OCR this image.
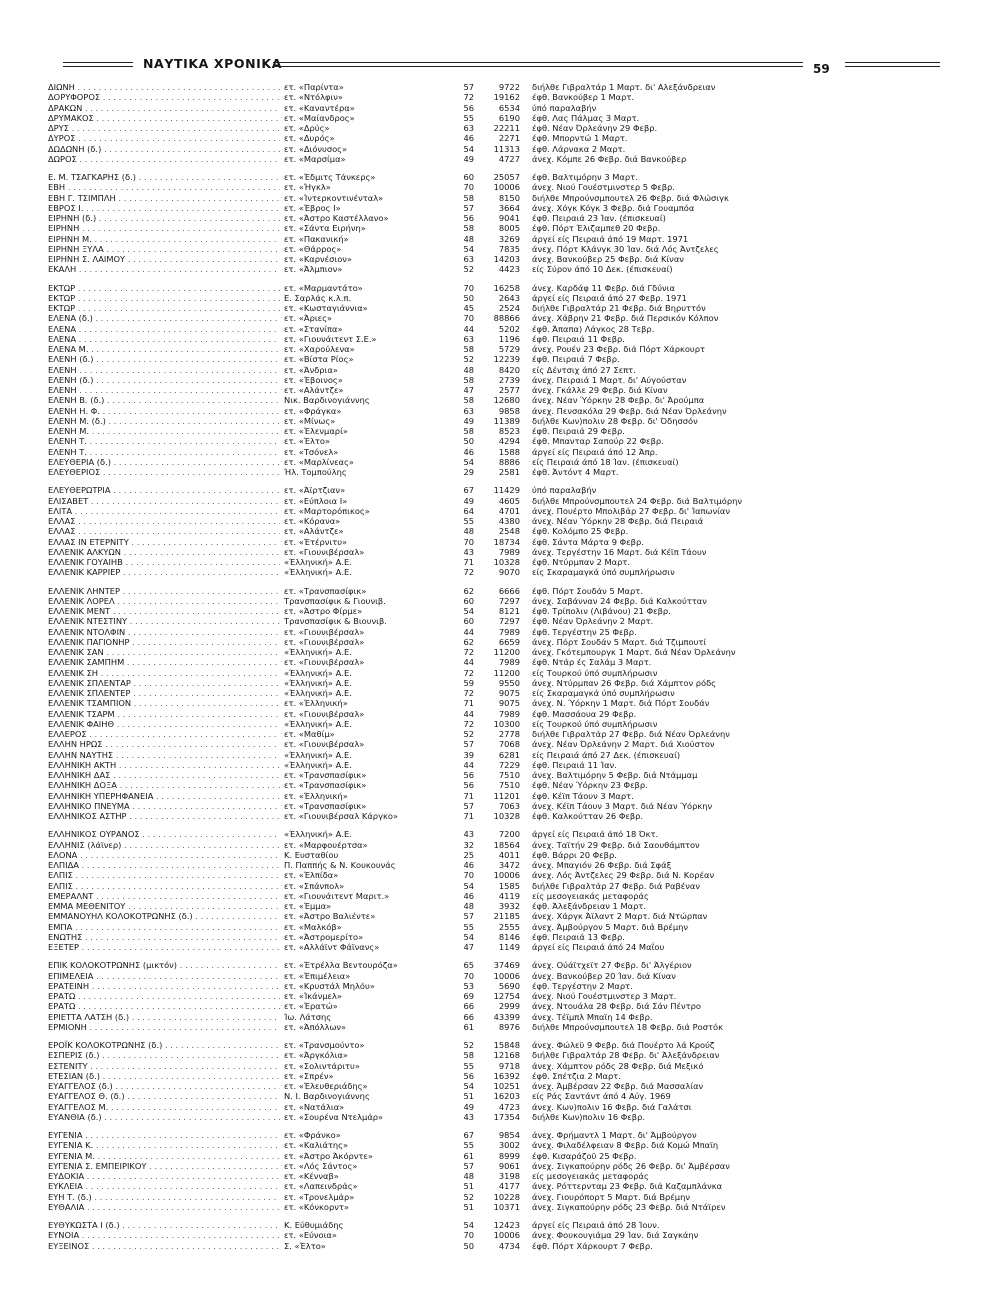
ΝΑΥΤΙΚΑ ΧΡΟΝΙΚΑ	59
ΔΙΩΝΗ . . .	ετ. «Παρίντα»	57	9722 διήλθε Γιβραλτάρ 1 Μαρτ. δι' Αλεξάνδρειαν
ΔΟΡΥΦΟΡΟΣ . . .	ετ. «Ντόλφιν»	72	19162 έφθ. Βανκούβερ 1 Μαρτ.
ΔΡΑΚΩΝ . . .	ετ. «Καναντέρα»	56	6534 ύπό παραλαβήν
ΔΡΥΜΑΚΟΣ . . .	ετ. «Μαίανδρος»	55	6190 έφθ. Λας Πάλμας 3 Μαρτ.
ΔΡΥΣ . . .	ετ. «Δρύς»	63	22211 έφθ. Νέαν Όρλεάνην 29 Φεβρ.
ΔΥΡΟΣ . . .	ετ. «Δυρός»	46	2271 έφθ. Μπορντώ 1 Μαρτ.
ΔΩΔΩΝΗ (δ.) . . .	ετ. «Διόνυσος»	54	11313 έφθ. Λάρνακα 2 Μαρτ.
ΔΩΡΟΣ . . .	ετ. «Μαρσίμα»	49	4727 άνεχ. Κόμπε 26 Φεβρ. διά Βανκούβερ
Ε. Μ. ΤΣΑΓΚΑΡΗΣ (δ.) . . .	ετ. «Έδμιτς Τάνκερς»	60	25057 έφθ. Βαλτιμόρην 3 Μαρτ.
ΕΒΗ . . .	ετ. «Ήγκλ»	70	10006 άνεχ. Νιού Γουέστμινστερ 5 Φεβρ.
ΕΒΗ Γ. ΤΣΙΜΠΛΗ . . .	ετ. «Ίντερκοντινένταλ»	58	8150 διήλθε Μπρούνσμπουτελ 26 Φεβρ. διά Φλώσιγκ
ΕΒΡΟΣ Ι. . . .	ετ. «Έβρος Ι»	57	3664 άνεχ. Χόγκ Κόγκ 3 Φεβρ. διά Γουαμπόα
ΕΙΡΗΝΗ (δ.) . . .	ετ. «Άστρο Καστέλλανο»	56	9041 έφθ. Πειραιά 23 Ίαν. (έπισκευαί)
ΕΙΡΗΝΗ . . .	ετ. «Σάντα Ειρήνη»	58	8005 έφθ. Πόρτ Έλιζαμπεθ 20 Φεβρ.
ΕΙΡΗΝΗ Μ. . . .	ετ. «Πακανική»	48	3269 άργεί είς Πειραιά άπό 19 Μαρτ. 1971
ΕΙΡΗΝΗ ΞΥΛΑ . . .	ετ. «Θάρρος»	54	7835 άνεχ. Πόρτ Κλάνγκ 30 Ίαν. διά Λός Άντζελες
ΕΙΡΗΝΗ Σ. ΛΑΙΜΟΥ . . .	ετ. «Καρνέσιον»	63	14203 άνεχ. Βανκούβερ 25 Φεβρ. διά Κίναν
ΕΚΑΛΗ . . .	ετ. «Άλμπιον»	52	4423 είς Σύρον άπό 10 Δεκ. (έπισκευαί)
ΕΚΤΩΡ . . .	ετ. «Μαρμαντάτο»	70	16258 άνεχ. Καρδάφ 11 Φεβρ. διά Γδύνια
ΕΚΤΩΡ . . .	Ε. Σαρλάς κ.λ.π.	50	2643 άργεί είς Πειραιά άπό 27 Φεβρ. 1971
ΕΚΤΩΡ . . .	ετ. «Κωσταγιάννια»	45	2524 διήλθε Γιβραλτάρ 21 Φεβρ. διά Βηρυττόν
ΕΛΕΝΑ (δ.) . . .	ετ. «Άριες»	70	88866 άνεχ. Χάβρην 21 Φεβρ. διά Περσικόν Κόλπον
ΕΛΕΝΑ . . .	ετ. «Στανίπα»	44	5202 έφθ. Άπαπα) Λάγκος 28 Τεβρ.
ΕΛΕΝΑ . . .	ετ. «Γιουνάιτεντ Σ.Ε.»	63	1196 έφθ. Πειραιά 11 Φεβρ.
ΕΛΕΝΑ Μ. . . .	ετ. «Χαρούλενα»	58	5729 άνεχ. Ρουέν 23 Φεβρ. διά Πόρτ Χάρκουρτ
ΕΛΕΝΗ (δ.) . . .	ετ. «Βίστα Ρίος»	52	12239 έφθ. Πειραιά 7 Φεβρ.
ΕΛΕΝΗ . . .	ετ. «Άνδρια»	48	8420 είς Δέντσιχ άπό 27 Σεπτ.
ΕΛΕΝΗ (δ.) . . .	ετ. «Έβοινος»	58	2739 άνεχ. Πειραιά 1 Μαρτ. δι' Αύγούσταν
ΕΛΕΝΗ . . .	ετ. «Αλάντζε»	47	2577 άνεχ. Γκάλλε 29 Φεβρ. διά Κίναν
ΕΛΕΝΗ Β. (δ.) . . .	Νικ. Βαρδινογιάννης	58	12680 άνεχ. Νέαν Ύόρκην 28 Φεβρ. δι' Άρούμπα
ΕΛΕΝΗ Η. Φ. . . .	ετ. «Φράγκα»	63	9858 άνεχ. Πενσακόλα 29 Φεβρ. διά Νέαν Όρλεάνην
ΕΛΕΝΗ Μ. (δ.) . . .	ετ. «Μίνως»	49	11389 διήλθε Κων)πολιν 28 Φεβρ. δι' Όδησσόν
ΕΛΕΝΗ Μ. . . .	ετ. «Έλενμαρί»	58	8523 έφθ. Πειραιά 29 Φεβρ.
ΕΛΕΝΗ Τ. . . .	ετ. «Έλτο»	50	4294 έφθ. Μπανταρ Σαπούρ 22 Φεβρ.
ΕΛΕΝΗ Τ. . . .	ετ. «Τσόνελ»	46	1588 άργεί είς Πειραιά άπό 12 Άπρ.
ΕΛΕΥΘΕΡΙΑ (δ.) . . .	ετ. «Μαρλίνεας»	54	8886 είς Πειραιά άπό 18 Ίαν. (έπισκευαί)
ΕΛΕΥΘΕΡΙΟΣ . . .	Ήλ. Τομπούλης	29	2581 έφθ. Άντόντ 4 Μαρτ.
ΕΛΕΥΘΕΡΩΤΡΙΑ . . .	ετ. «Άϊρτζιαν»	67	11429 ύπό παραλαβήν
ΕΛΙΣΑΒΕΤ . . .	ετ. «Εύπλοια Ι»	49	4605 διήλθε Μπρούνσμπουτελ 24 Φεβρ. διά Βαλτιμόρην
ΕΛΙΤΑ . . .	ετ. «Μαρτορόπικος»	64	4701 άνεχ. Πουέρτο Μπολιβάρ 27 Φεβρ. δι' Ίαπωνίαν
ΕΛΛΑΣ . . .	ετ. «Κόρανα»	55	4380 άνεχ. Νέαν Ύόρκην 28 Φεβρ. διά Πειραιά
ΕΛΛΑΣ . . .	ετ. «Αλάντζε»	48	2548 έφθ. Κολόμπο 25 Φεβρ.
ΕΛΛΑΣ ΙΝ ΕΤΕΡΝΙΤΥ . . .	ετ. «Έτέρνιτυ»	70	18734 έφθ. Σάντα Μάρτα 9 Φεβρ.
ΕΛΛΕΝΙΚ ΑΛΚΥΩΝ . . .	ετ. «Γιουνιβέρσαλ»	43	7989 άνεχ. Τεργέστην 16 Μαρτ. διά Κέϊπ Τάουν
ΕΛΛΕΝΙΚ ΓΟΥΑΙΗΒ . . .	«Έλληνική» Α.Ε.	71	10328 έφθ. Ντύρμπαν 2 Μαρτ.
ΕΛΛΕΝΙΚ ΚΑΡΡΙΕΡ . . .	«Έλληνική» Α.Ε.	72	9070 είς Σκαραμαγκά ύπό συμπλήρωσιν
ΕΛΛΕΝΙΚ ΛΗΝΤΕΡ . . .	ετ. «Τρανσπασίφικ»	62	6666 έφθ. Πόρτ Σουδάν 5 Μαρτ.
ΕΛΛΕΝΙΚ ΛΟΡΕΛ . . .	Τρανσπασίφικ & Γιουνιβ.	60	7297 άνεχ. Σαβάνναν 24 Φεβρ. διά Καλκούτταν
ΕΛΛΕΝΙΚ ΜΕΝΤ . . .	ετ. «Άστρο Φίρμε»	54	8121 έφθ. Τρίπολιν (Λιβάνου) 21 Φεβρ.
ΕΛΛΕΝΙΚ ΝΤΕΣΤΙΝΥ . . .	Τρανσπασίφικ & Βιουνιβ.	60	7297 έφθ. Νέαν Όρλεάνην 2 Μαρτ.
ΕΛΛΕΝΙΚ ΝΤΟΛΦΙΝ . . .	ετ. «Γιουνιβέρσαλ»	44	7989 έφθ. Τεργέστην 25 Φεβρ.
ΕΛΛΕΝΙΚ ΠΑΓΙΟΝΗΡ . . .	ετ. «Γιουνιβέρσαλ»	62	6659 άνεχ. Πόρτ Σουδάν 5 Μαρτ. διά Τζιμπουτί
ΕΛΛΕΝΙΚ ΣΑΝ . . .	«Έλληνική» Α.Ε.	72	11200 άνεχ. Γκότεμπουργκ 1 Μαρτ. διά Νέαν Όρλεάνην
ΕΛΛΕΝΙΚ ΣΑΜΠΗΜ . . .	ετ. «Γιουνιβέρσαλ»	44	7989 έφθ. Ντάρ ές Σαλάμ 3 Μαρτ.
ΕΛΛΕΝΙΚ ΣΗ . . .	«Έλληνική» Α.Ε.	72	11200 είς Τουρκού ύπό συμπλήρωσιν
ΕΛΛΕΝΙΚ ΣΠΛΕΝΤΑΡ . . .	«Έλληνική» Α.Ε.	59	9550 άνεχ. Ντύρμπαν 26 Φεβρ. διά Χάμπτον ρόδς
ΕΛΛΕΝΙΚ ΣΠΛΕΝΤΕΡ . . .	«Έλληνική» Α.Ε.	72	9075 είς Σκαραμαγκά ύπό συμπλήρωσιν
ΕΛΛΕΝΙΚ ΤΣΑΜΠΙΟΝ . . .	ετ. «Έλληνική»	71	9075 άνεχ. Ν. Ύόρκην 1 Μαρτ. διά Πόρτ Σουδάν
ΕΛΛΕΝΙΚ ΤΣΑΡΜ . . .	ετ. «Γιουνιβέρσαλ»	44	7989 έφθ. Μασσάουα 29 Φεβρ.
ΕΛΛΕΝΙΚ ΦΑΙΗΘ . . .	«Έλληνική» Α.Ε.	72	10300 είς Τουρκού ύπό συμπλήρωσιν
ΕΛΛΕΡΟΣ . . .	ετ. «Μαθίμ»	52	2778 διήλθε Γιβραλτάρ 27 Φεβρ. διά Νέαν Όρλεάνην
ΕΛΛΗΝ ΗΡΩΣ . . .	ετ. «Γιουνιβέρσαλ»	57	7068 άνεχ. Νέαν Όρλεάνην 2 Μαρτ. διά Χιούστον
ΕΛΛΗΝ ΝΑΥΤΗΣ . . .	«Έλληνική» Α.Ε.	39	6281 είς Πειραιά άπό 27 Δεκ. (έπισκευαί)
ΕΛΛΗΝΙΚΗ ΑΚΤΗ . . .	«Έλληνική» Α.Ε.	44	7229 έφθ. Πειραιά 11 Ίαν.
ΕΛΛΗΝΙΚΗ ΔΑΣ . . .	ετ. «Τρανσπασίφικ»	56	7510 άνεχ. Βαλτιμόρην 5 Φεβρ. διά Ντάμμαμ
ΕΛΛΗΝΙΚΗ ΔΟΞΑ . . .	ετ. «Τρανσπασίφικ»	56	7510 έφθ. Νέαν Ύόρκην 23 Φεβρ.
ΕΛΛΗΝΙΚΗ ΥΠΕΡΗΦΑΝΕΙΑ . . .	ετ. «Έλληνική»	71	11201 έφθ. Κέϊπ Τάουν 3 Μαρτ.
ΕΛΛΗΝΙΚΟ ΠΝΕΥΜΑ . . .	ετ. «Τρανσπασίφικ»	57	7063 άνεχ. Κέϊπ Τάουν 3 Μαρτ. διά Νέαν Ύόρκην
ΕΛΛΗΝΙΚΟΣ ΑΣΤΗΡ . . .	ετ. «Γιουνιβέρσαλ Κάργκο»	71	10328 έφθ. Καλκούτταν 26 Φεβρ.
ΕΛΛΗΝΙΚΟΣ ΟΥΡΑΝΟΣ . . .	«Έλληνική» Α.Ε.	43	7200 άργεί είς Πειραιά άπό 18 Όκτ.
ΕΛΛΗΝΙΣ (λάϊνερ) . . .	ετ. «Μαρφουέρτσα»	32	18564 άνεχ. Ταϊτήν 29 Φεβρ. διά Σαουθάμπτον
ΕΛΟΝΑ . . .	Κ. Ευσταθίου	25	4011 έφθ. Βάρρι 20 Φεβρ.
ΕΛΠΙΔΑ . . .	Π. Παππής & Ν. Κουκουνάς	46	3472 άνεχ. Μπαγιόν 26 Φεβρ. διά Σφάξ
ΕΛΠΙΣ . . .	ετ. «Έλπίδα»	70	10006 άνεχ. Λός Άντζελες 29 Φεβρ. διά Ν. Κορέαν
ΕΛΠΙΣ . . .	ετ. «Σπάνπολ»	54	1585 διήλθε Γιβραλτάρ 27 Φεβρ. διά Ραβέναν
ΕΜΕΡΑΛΝΤ . . .	ετ. «Γιουνάιτεντ Μαριτ.»	46	4119 είς μεσογειακάς μεταφοράς
ΕΜΜΑ ΜΕΘΕΝΙΤΟΥ . . .	ετ. «Έμμα»	48	3932 έφθ. Άλεξάνδρειαν 1 Μαρτ.
ΕΜΜΑΝΟΥΗΛ ΚΟΛΟΚΟΤΡΩΝΗΣ (δ.) . . .	ετ. «Άστρο Βαλιέντε»	57	21185 άνεχ. Χάργκ Άϊλαντ 2 Μαρτ. διά Ντώρπαν
ΕΜΠΑ . . .	ετ. «Μαλκόβ»	55	2555 άνεχ. Άμβούργον 5 Μαρτ. διά Βρέμην
ΕΝΩΤΗΣ . . .	ετ. «Άστρομερίτο»	54	8146 έφθ. Πειραιά 13 Φεβρ.
ΕΞΕΤΕΡ . . .	ετ. «Αλλάϊντ Φάϊνανς»	47	1149 άργεί είς Πειραιά άπό 24 Μαΐου
ΕΠΙΚ ΚΟΛΟΚΟΤΡΩΝΗΣ (μικτόν) . . .	ετ. «Έτρέλλα Βεντουρόζα»	65	37469 άνεχ. Ούάϊτχεϊτ 27 Φεβρ. δι' Άλγέριον
ΕΠΙΜΕΛΕΙΑ . . .	ετ. «Έπιμέλεια»	70	10006 άνεχ. Βανκούβερ 20 Ίαν. διά Κίναν
ΕΡΑΤΕΙΝΗ . . .	ετ. «Κρυστάλ Μηλόυ»	53	5690 έφθ. Τεργέστην 2 Μαρτ.
ΕΡΑΤΩ . . .	ετ. «Ίκάνμελ»	69	12754 άνεχ. Νιού Γουέστμινστερ 3 Μαρτ.
ΕΡΑΤΩ . . .	ετ. «Έρατώ»	66	2999 άνεχ. Ντουάλα 28 Φεβρ. διά Σάν Πέντρο
ΕΡΙΕΤΤΑ ΛΑΤΣΗ (δ.) . . .	Ίω. Λάτσης	66	43399 άνεχ. Τέϊμπλ Μπαϊη 14 Φεβρ.
ΕΡΜΙΟΝΗ . . .	ετ. «Άπόλλων»	61	8976 διήλθε Μπρούνσμπουτελ 18 Φεβρ. διά Ροστόκ
ΕΡΟΪΚ ΚΟΛΟΚΟΤΡΩΝΗΣ (δ.) . . .	ετ. «Τρανσμούντο»	52	15848 άνεχ. Φώλεϋ 9 Φεβρ. διά Πουέρτο λά Κρούζ
ΕΣΠΕΡΙΣ (δ.) . . .	ετ. «Άργκόλια»	58	12168 διήλθε Γιβραλτάρ 28 Φεβρ. δι' Άλεξάνδρειαν
ΕΣΤΕΝΙΤΥ . . .	ετ. «Σολιντάριτυ»	55	9718 άνεχ. Χάμπτον ρόδς 28 Φεβρ. διά Μεξικό
ΕΤΕΣΙΑΝ (δ.) . . .	ετ. «Σπρέν»	56	16392 έφθ. Σπέτζια 2 Μαρτ.
ΕΥΑΓΓΕΛΟΣ (δ.) . . .	ετ. «Έλευθεριάδης»	54	10251 άνεχ. Άμβέρσαν 22 Φεβρ. διά Μασσαλίαν
ΕΥΑΓΓΕΛΟΣ Θ. (δ.) . . .	Ν. Ι. Βαρδινογιάννης	51	16203 είς Ράς Σαντάντ άπό 4 Αύγ. 1969
ΕΥΑΓΓΕΛΟΣ Μ. . . .	ετ. «Νατάλια»	49	4723 άνεχ. Κων)πολιν 16 Φεβρ. διά Γαλάτσι
ΕΥΑΝΘΙΑ (δ.) . . .	ετ. «Σουρένα Ντελμάρ»	43	17354 διήλθε Κων)πολιν 16 Φεβρ.
ΕΥΓΕΝΙΑ . . .	ετ. «Φράνκο»	67	9854 άνεχ. Φρήμαντλ 1 Μαρτ. δι' Άμβούργον
ΕΥΓΕΝΙΑ Κ. . . .	ετ. «Καλιάτης»	55	3002 άνεχ. Φιλαδέλφειαν 8 Φεβρ. διά Κομώ Μπαϊη
ΕΥΓΕΝΙΑ Μ. . . .	ετ. «Άστρο Άκόρντε»	61	8999 έφθ. Κισαράζοϋ 25 Φεβρ.
ΕΥΓΕΝΙΑ Σ. ΕΜΠΕΙΡΙΚΟΥ . . .	ετ. «Λός Σάντος»	57	9061 άνεχ. Σιγκαπούρην ρόδς 26 Φεβρ. δι' Άμβέρσαν
ΕΥΔΟΚΙΑ . . .	ετ. «Κένναβ»	48	3198 είς μεσογειακάς μεταφοράς
ΕΥΚΛΕΙΑ . . .	ετ. «Λαπεινδράς»	51	4177 άνεχ. Ρόττερνταμ 23 Φεβρ. διά Καζαμπλάνκα
ΕΥΗ Τ. (δ.) . . .	ετ. «Τρονελμάρ»	52	10228 άνεχ. Γιουρόπορτ 5 Μαρτ. διά Βρέμην
ΕΥΘΑΛΙΑ . . .	ετ. «Κόνκορντ»	51	10371 άνεχ. Σιγκαπούρην ρόδς 23 Φεβρ. διά Ντάϊρεν
ΕΥΘΥΚΩΣΤΑ Ι (δ.) . . .	Κ. Εύθυμιάδης	54	12423 άργεί είς Πειραιά άπό 28 Ίουν.
ΕΥΝΟΙΑ . . .	ετ. «Εύνοια»	70	10006 άνεχ. Φουκουγιάμα 29 Ίαν. διά Σαγκάην
ΕΥΞΕΙΝΟΣ . . .	Σ. «Έλτο»	50	4734 έφθ. Πόρτ Χάρκουρτ 7 Φεβρ.
